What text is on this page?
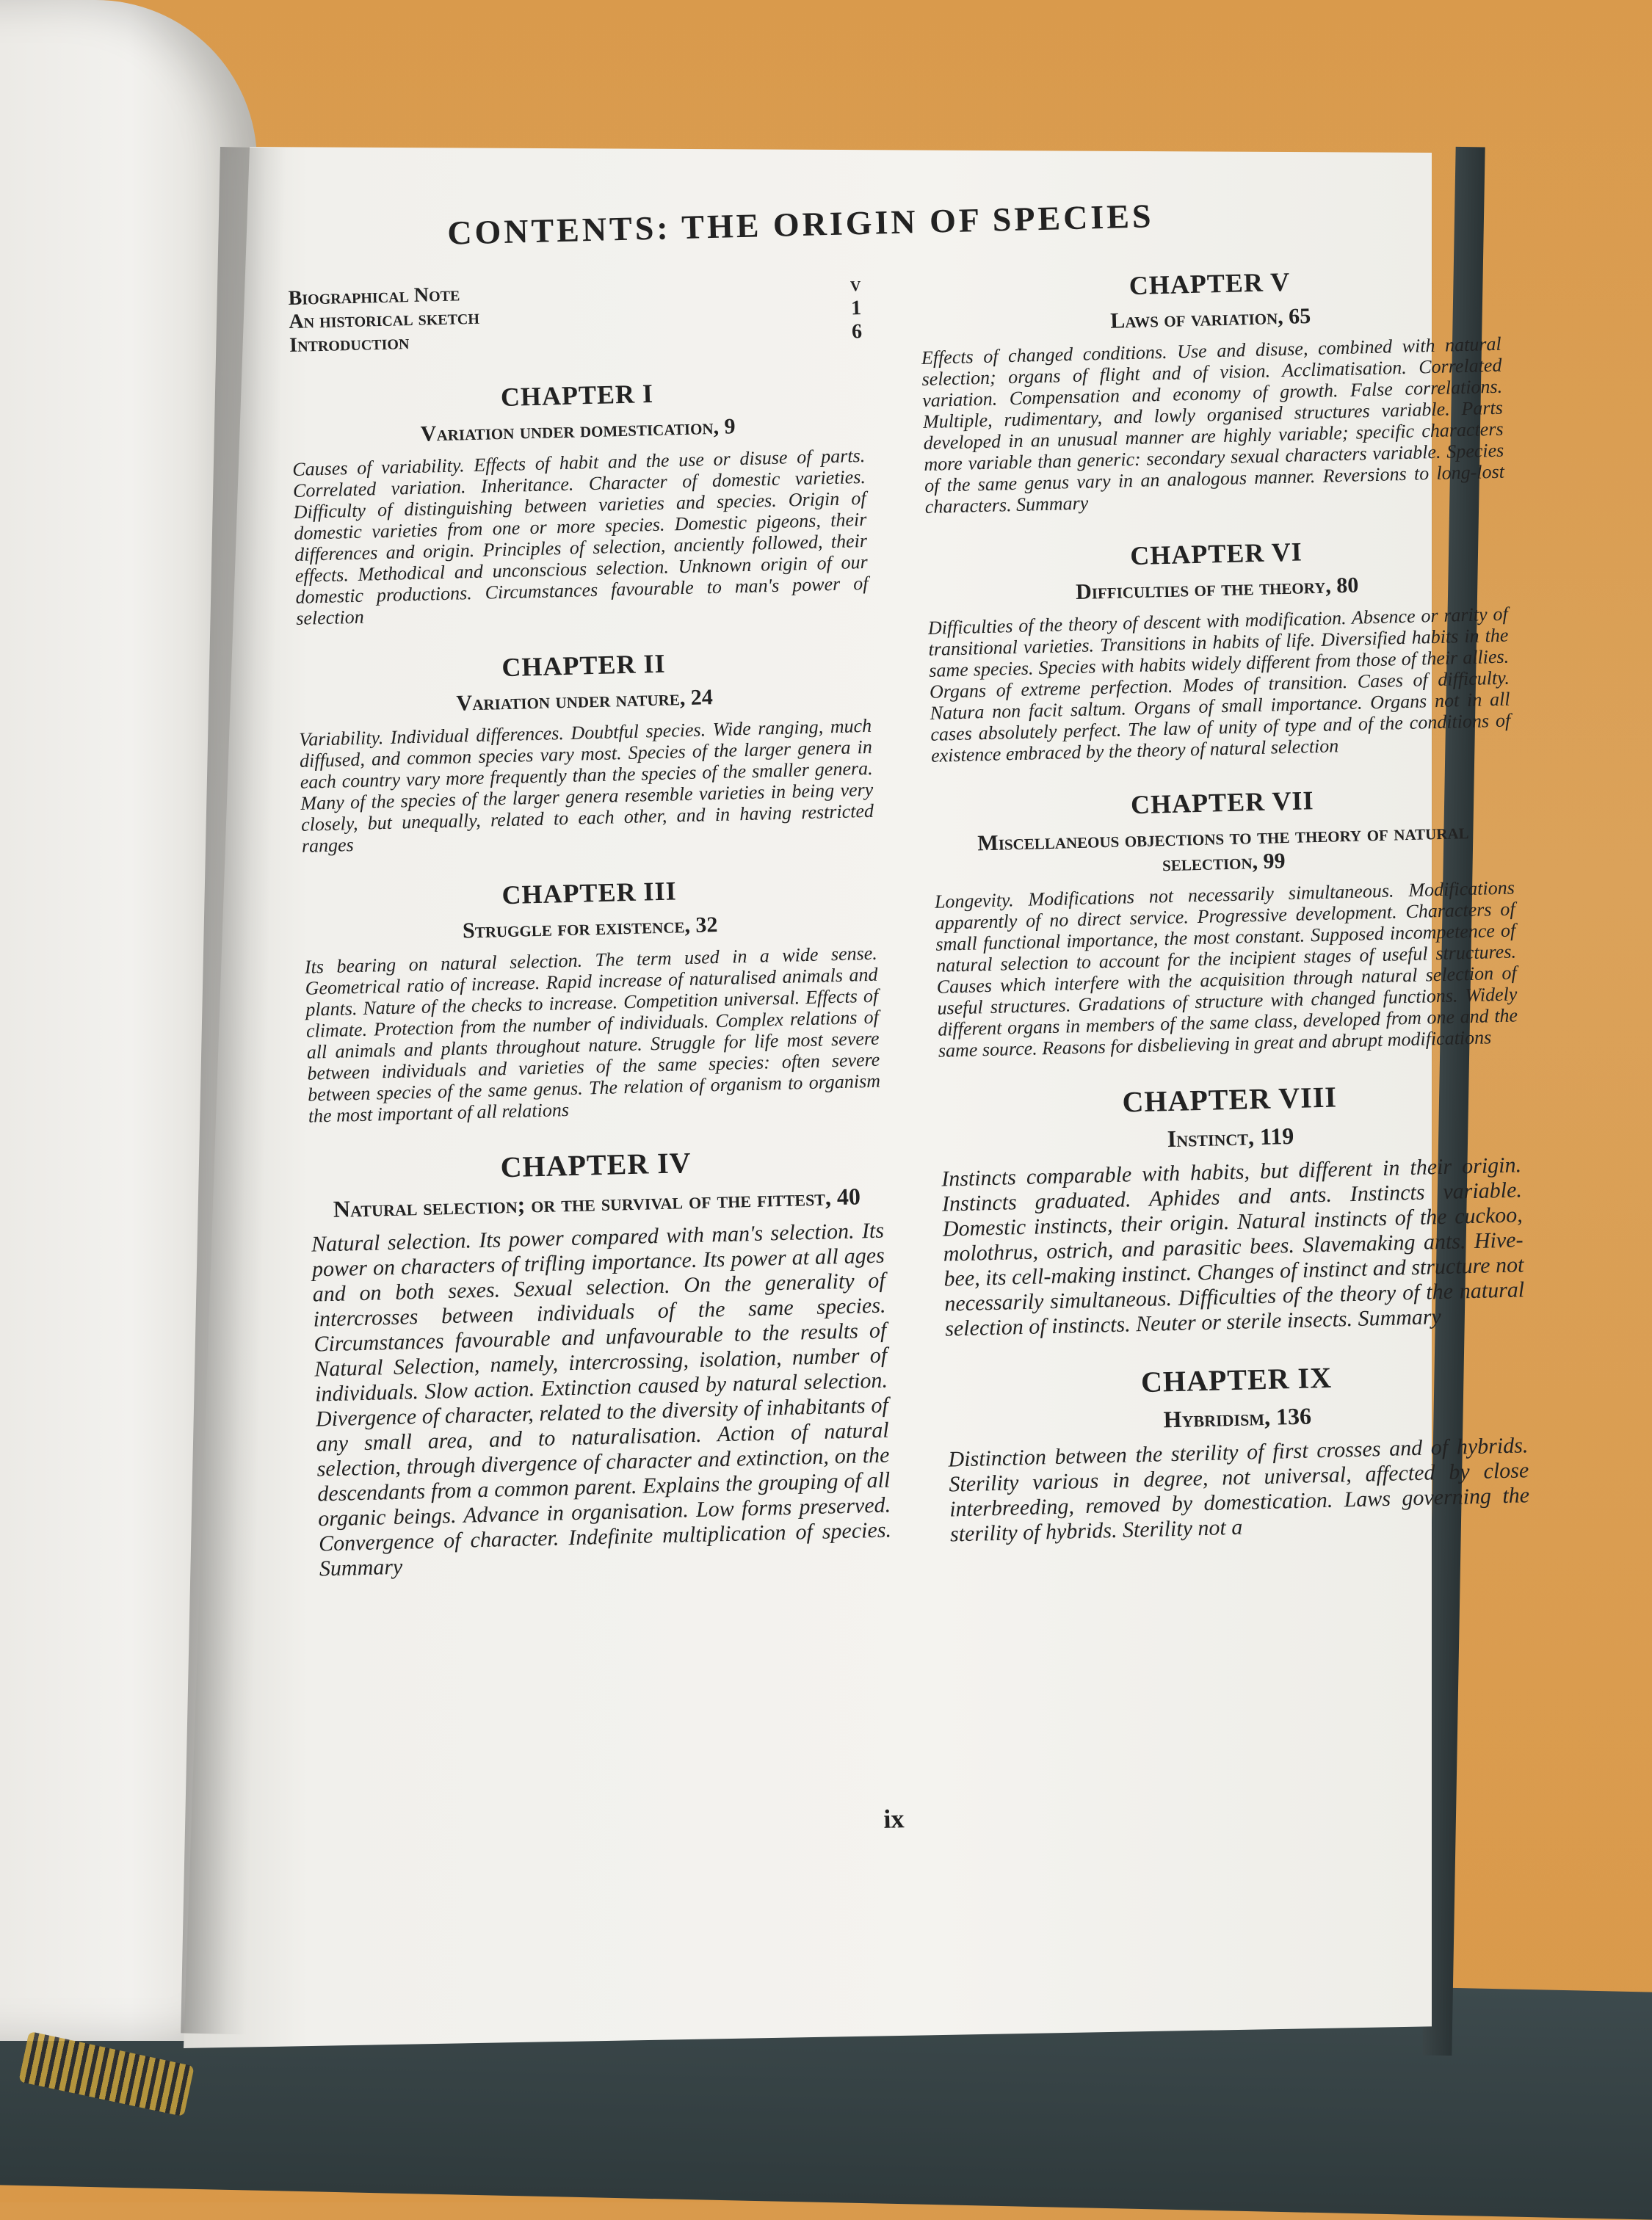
CONTENTS: THE ORIGIN OF SPECIES
Biographical Note	v
An historical sketch	1
Introduction	6
CHAPTER I
Variation under domestication, 9
Causes of variability. Effects of habit and the use or disuse of parts. Correlated variation. Inheritance. Character of domestic varieties. Difficulty of distinguishing between varieties and species. Origin of domestic varieties from one or more species. Domestic pigeons, their differences and origin. Principles of selection, anciently followed, their effects. Methodical and unconscious selection. Unknown origin of our domestic productions. Circumstances favourable to man's power of selection
CHAPTER II
Variation under nature, 24
Variability. Individual differences. Doubtful species. Wide ranging, much diffused, and common species vary most. Species of the larger genera in each country vary more frequently than the species of the smaller genera. Many of the species of the larger genera resemble varieties in being very closely, but unequally, related to each other, and in having restricted ranges
CHAPTER III
Struggle for existence, 32
Its bearing on natural selection. The term used in a wide sense. Geometrical ratio of increase. Rapid increase of naturalised animals and plants. Nature of the checks to increase. Competition universal. Effects of climate. Protection from the number of individuals. Complex relations of all animals and plants throughout nature. Struggle for life most severe between individuals and varieties of the same species: often severe between species of the same genus. The relation of organism to organism the most important of all relations
CHAPTER IV
Natural selection; or the survival of the fittest, 40
Natural selection. Its power compared with man's selection. Its power on characters of trifling importance. Its power at all ages and on both sexes. Sexual selection. On the generality of intercrosses between individuals of the same species. Circumstances favourable and unfavourable to the results of Natural Selection, namely, intercrossing, isolation, number of individuals. Slow action. Extinction caused by natural selection. Divergence of character, related to the diversity of inhabitants of any small area, and to naturalisation. Action of natural selection, through divergence of character and extinction, on the descendants from a common parent. Explains the grouping of all organic beings. Advance in organisation. Low forms preserved. Convergence of character. Indefinite multiplication of species. Summary
CHAPTER V
Laws of variation, 65
Effects of changed conditions. Use and disuse, combined with natural selection; organs of flight and of vision. Acclimatisation. Correlated variation. Compensation and economy of growth. False correlations. Multiple, rudimentary, and lowly organised structures variable. Parts developed in an unusual manner are highly variable; specific characters more variable than generic: secondary sexual characters variable. Species of the same genus vary in an analogous manner. Reversions to long-lost characters. Summary
CHAPTER VI
Difficulties of the theory, 80
Difficulties of the theory of descent with modification. Absence or rarity of transitional varieties. Transitions in habits of life. Diversified habits in the same species. Species with habits widely different from those of their allies. Organs of extreme perfection. Modes of transition. Cases of difficulty. Natura non facit saltum. Organs of small importance. Organs not in all cases absolutely perfect. The law of unity of type and of the conditions of existence embraced by the theory of natural selection
CHAPTER VII
Miscellaneous objections to the theory of natural selection, 99
Longevity. Modifications not necessarily simultaneous. Modifications apparently of no direct service. Progressive development. Characters of small functional importance, the most constant. Supposed incompetence of natural selection to account for the incipient stages of useful structures. Causes which interfere with the acquisition through natural selection of useful structures. Gradations of structure with changed functions. Widely different organs in members of the same class, developed from one and the same source. Reasons for disbelieving in great and abrupt modifications
CHAPTER VIII
Instinct, 119
Instincts comparable with habits, but different in their origin. Instincts graduated. Aphides and ants. Instincts variable. Domestic instincts, their origin. Natural instincts of the cuckoo, molothrus, ostrich, and parasitic bees. Slavemaking ants. Hive-bee, its cell-making instinct. Changes of instinct and structure not necessarily simultaneous. Difficulties of the theory of the natural selection of instincts. Neuter or sterile insects. Summary
CHAPTER IX
Hybridism, 136
Distinction between the sterility of first crosses and of hybrids. Sterility various in degree, not universal, affected by close interbreeding, removed by domestication. Laws governing the sterility of hybrids. Sterility not a
ix
